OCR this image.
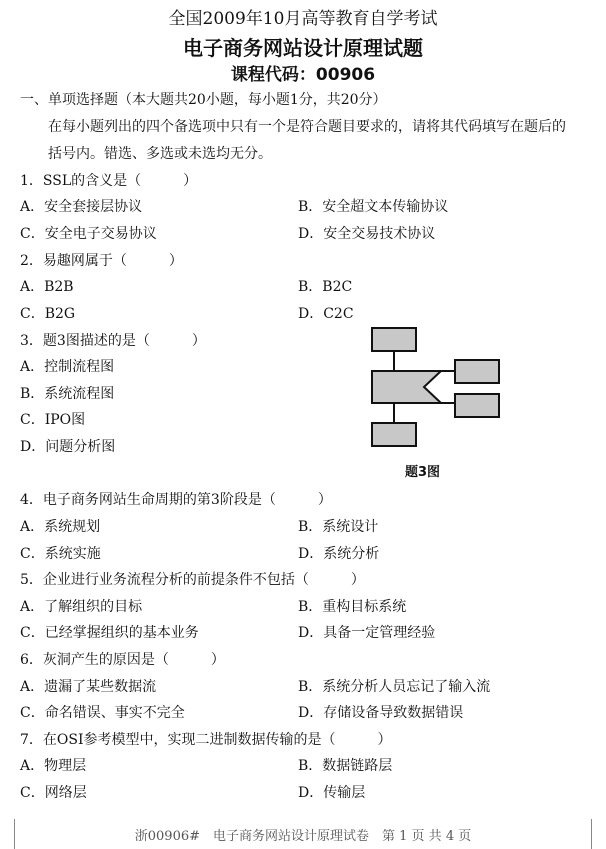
全国2009年10月高等教育自学考试
电子商务网站设计原理试题
课程代码：00906
一、单项选择题（本大题共20小题，每小题1分，共20分）
在每小题列出的四个备选项中只有一个是符合题目要求的，请将其代码填写在题后的
括号内。错选、多选或未选均无分。
1．SSL的含义是（　　　）
A．安全套接层协议	B．安全超文本传输协议
C．安全电子交易协议	D．安全交易技术协议
2．易趣网属于（　　　）
A．B2B	B．B2C
C．B2G	D．C2C
3．题3图描述的是（　　　）
A．控制流程图
B．系统流程图
C．IPO图
D．问题分析图
题3图
4．电子商务网站生命周期的第3阶段是（　　　）
A．系统规划	B．系统设计
C．系统实施	D．系统分析
5．企业进行业务流程分析的前提条件不包括（　　　）
A．了解组织的目标	B．重构目标系统
C．已经掌握组织的基本业务	D．具备一定管理经验
6．灰洞产生的原因是（　　　）
A．遗漏了某些数据流	B．系统分析人员忘记了输入流
C．命名错误、事实不完全	D．存储设备导致数据错误
7．在OSI参考模型中，实现二进制数据传输的是（　　　）
A．物理层	B．数据链路层
C．网络层	D．传输层
浙00906#　电子商务网站设计原理试卷　第 1 页 共 4 页
